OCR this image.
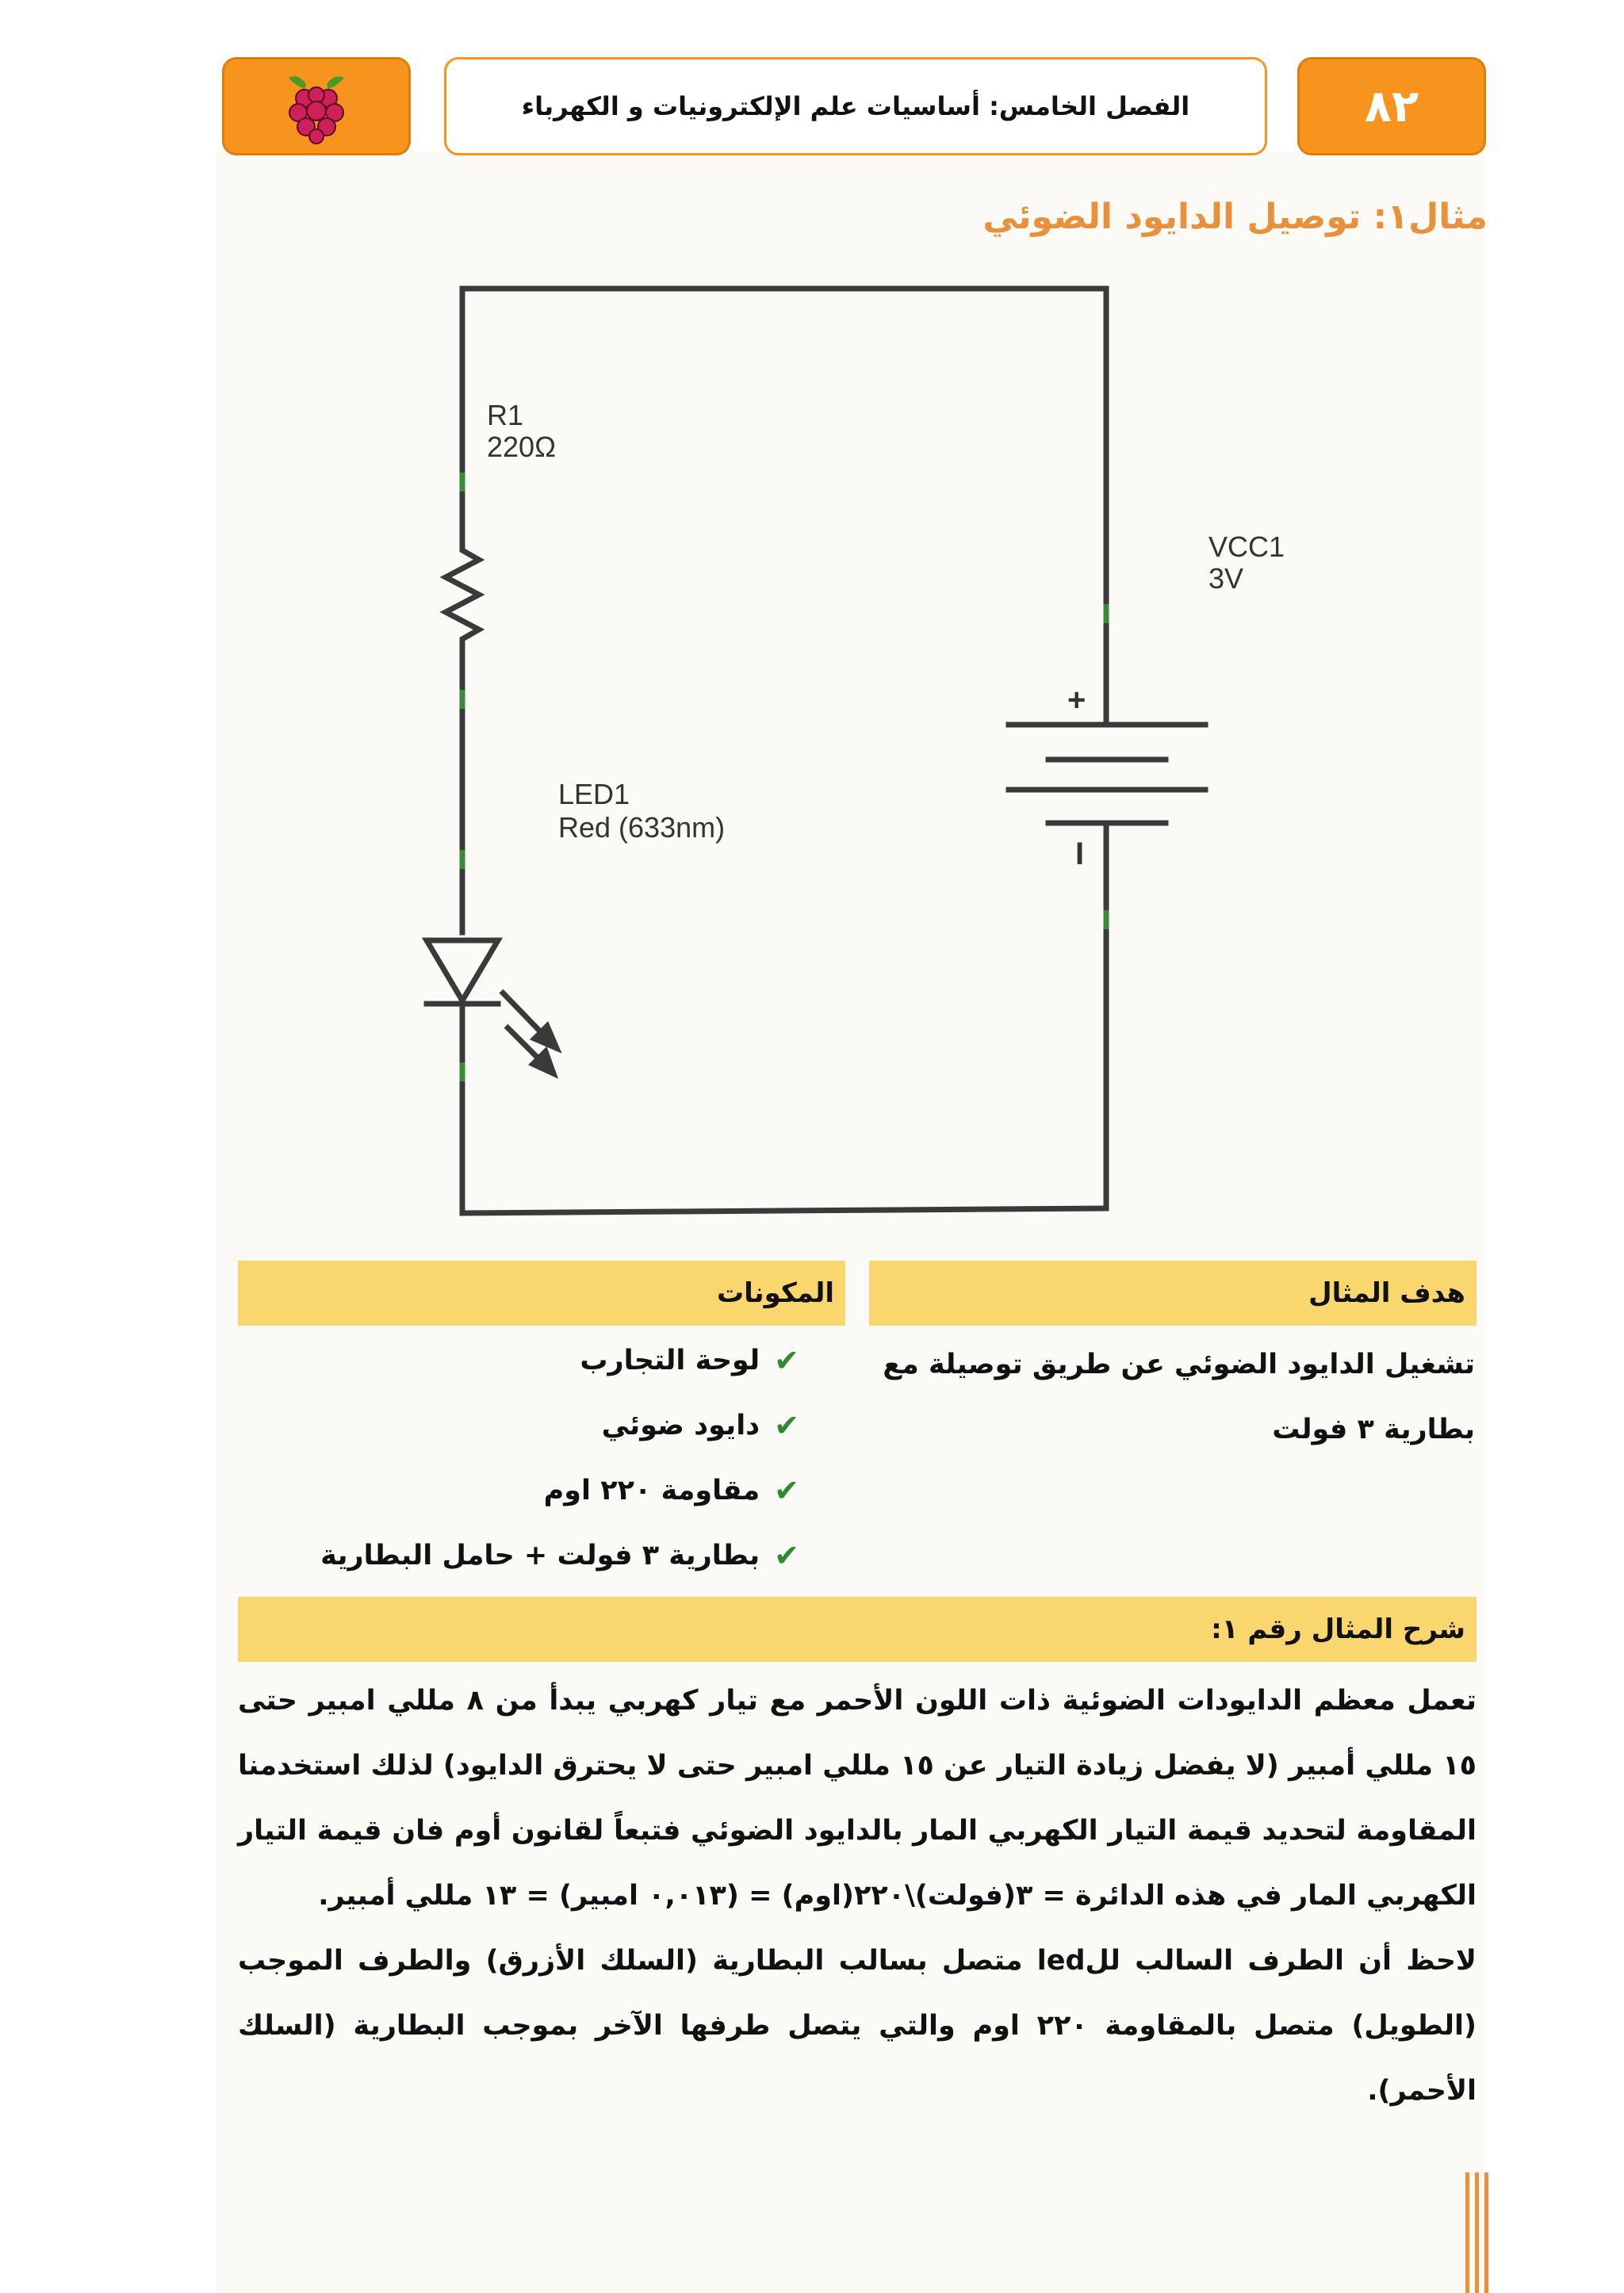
الفصل الخامس: أساسيات علم الإلكترونيات و الكهرباء	٨٢
مثال١: توصيل الدايود الضوئي
R1
220Ω
VCC1
3V
LED1
Red (633nm)
+
I
هدف المثال
المكونات
تشغيل الدايود الضوئي عن طريق توصيلة مع بطارية ٣ فولت
✔
لوحة التجارب
✔
دايود ضوئي
✔
مقاومة ٢٢٠ اوم
✔
بطارية ٣ فولت + حامل البطارية
شرح المثال رقم ١:

تعمل معظم الدايودات الضوئية ذات اللون الأحمر مع تيار كهربي يبدأ من ٨ مللي امبير حتى ١٥ مللي أمبير (لا يفضل زيادة التيار عن ١٥ مللي امبير حتى لا يحترق الدايود) لذلك استخدمنا المقاومة لتحديد قيمة التيار الكهربي المار بالدايود الضوئي فتبعاً لقانون أوم فان قيمة التيار الكهربي المار في هذه الدائرة = ٣(فولت)\٢٢٠(اوم) = (٠,٠١٣ امبير) = ١٣ مللي أمبير.

لاحظ أن الطرف السالب للled متصل بسالب البطارية (السلك الأزرق) والطرف الموجب (الطويل) متصل بالمقاومة ٢٢٠ اوم والتي يتصل طرفها الآخر بموجب البطارية (السلك الأحمر).
